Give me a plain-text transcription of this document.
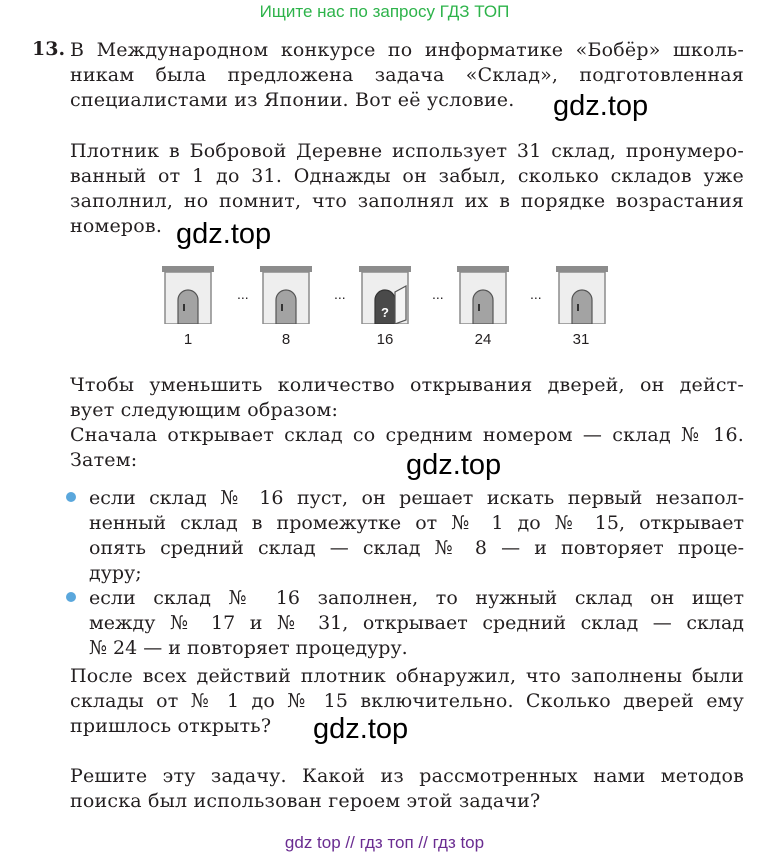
Ищите нас по запросу ГДЗ ТОП
13. В Международном конкурсе по информатике «Бобёр» школь-
никам была предложена задача «Склад», подготовленная
специалистами из Японии. Вот её условие.
Плотник в Бобровой Деревне использует 31 склад, пронумеро-
ванный от 1 до 31. Однажды он забыл, сколько складов уже
заполнил, но помнит, что заполнял их в порядке возрастания
номеров.
...	...
?
...	...
1	8	16	24	31
Чтобы уменьшить количество открывания дверей, он дейст-
вует следующим образом:
Сначала открывает склад со средним номером — склад № 16.
Затем:
если склад № 16 пуст, он решает искать первый незапол-
ненный склад в промежутке от № 1 до № 15, открывает
опять средний склад — склад № 8 — и повторяет проце-
дуру;
если склад № 16 заполнен, то нужный склад он ищет
между № 17 и № 31, открывает средний склад — склад
№ 24 — и повторяет процедуру.
После всех действий плотник обнаружил, что заполнены были
склады от № 1 до № 15 включительно. Сколько дверей ему
пришлось открыть?
Решите эту задачу. Какой из рассмотренных нами методов
поиска был использован героем этой задачи?
gdz.top
gdz.top
gdz.top
gdz.top
gdz top // гдз топ // гдз top
